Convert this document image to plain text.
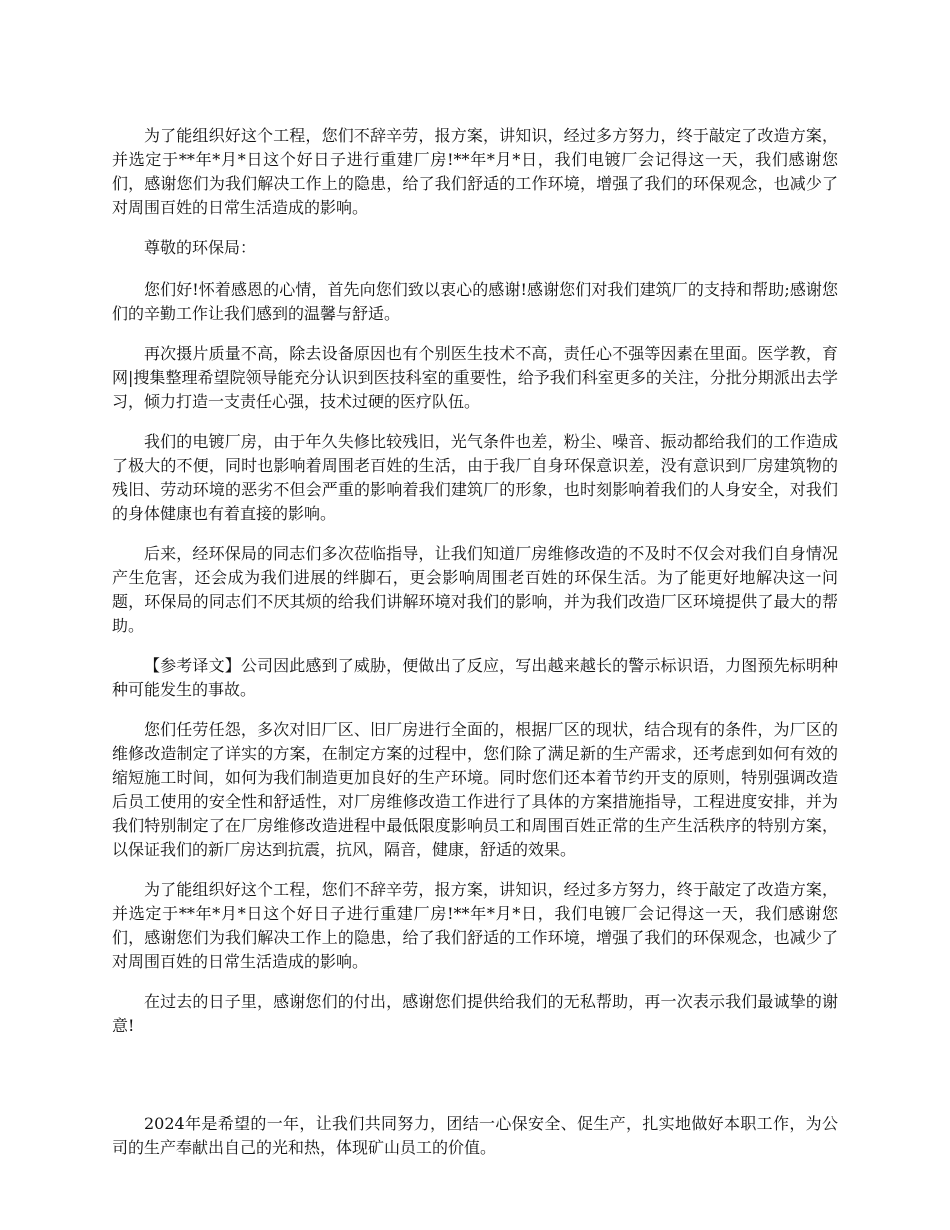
为了能组织好这个工程，您们不辞辛劳，报方案，讲知识，经过多方努力，终于敲定了改造方案，并选定于**年*月*日这个好日子进行重建厂房!**年*月*日，我们电镀厂会记得这一天，我们感谢您们，感谢您们为我们解决工作上的隐患，给了我们舒适的工作环境，增强了我们的环保观念，也减少了对周围百姓的日常生活造成的影响。

尊敬的环保局：

您们好!怀着感恩的心情，首先向您们致以衷心的感谢!感谢您们对我们建筑厂的支持和帮助;感谢您们的辛勤工作让我们感到的温馨与舒适。

再次摄片质量不高，除去设备原因也有个别医生技术不高，责任心不强等因素在里面。医学教，育网|搜集整理希望院领导能充分认识到医技科室的重要性，给予我们科室更多的关注，分批分期派出去学习，倾力打造一支责任心强，技术过硬的医疗队伍。

我们的电镀厂房，由于年久失修比较残旧，光气条件也差，粉尘、噪音、振动都给我们的工作造成了极大的不便，同时也影响着周围老百姓的生活，由于我厂自身环保意识差，没有意识到厂房建筑物的残旧、劳动环境的恶劣不但会严重的影响着我们建筑厂的形象，也时刻影响着我们的人身安全，对我们的身体健康也有着直接的影响。

后来，经环保局的同志们多次莅临指导，让我们知道厂房维修改造的不及时不仅会对我们自身情况产生危害，还会成为我们进展的绊脚石，更会影响周围老百姓的环保生活。为了能更好地解决这一问题，环保局的同志们不厌其烦的给我们讲解环境对我们的影响，并为我们改造厂区环境提供了最大的帮助。

【参考译文】公司因此感到了威胁，便做出了反应，写出越来越长的警示标识语，力图预先标明种种可能发生的事故。

您们任劳任怨，多次对旧厂区、旧厂房进行全面的，根据厂区的现状，结合现有的条件，为厂区的维修改造制定了详实的方案，在制定方案的过程中，您们除了满足新的生产需求，还考虑到如何有效的缩短施工时间，如何为我们制造更加良好的生产环境。同时您们还本着节约开支的原则，特别强调改造后员工使用的安全性和舒适性，对厂房维修改造工作进行了具体的方案措施指导，工程进度安排，并为我们特别制定了在厂房维修改造进程中最低限度影响员工和周围百姓正常的生产生活秩序的特别方案，以保证我们的新厂房达到抗震，抗风，隔音，健康，舒适的效果。

为了能组织好这个工程，您们不辞辛劳，报方案，讲知识，经过多方努力，终于敲定了改造方案，并选定于**年*月*日这个好日子进行重建厂房!**年*月*日，我们电镀厂会记得这一天，我们感谢您们，感谢您们为我们解决工作上的隐患，给了我们舒适的工作环境，增强了我们的环保观念，也减少了对周围百姓的日常生活造成的影响。

在过去的日子里，感谢您们的付出，感谢您们提供给我们的无私帮助，再一次表示我们最诚挚的谢意!

2024年是希望的一年，让我们共同努力，团结一心保安全、促生产，扎实地做好本职工作，为公司的生产奉献出自己的光和热，体现矿山员工的价值。
